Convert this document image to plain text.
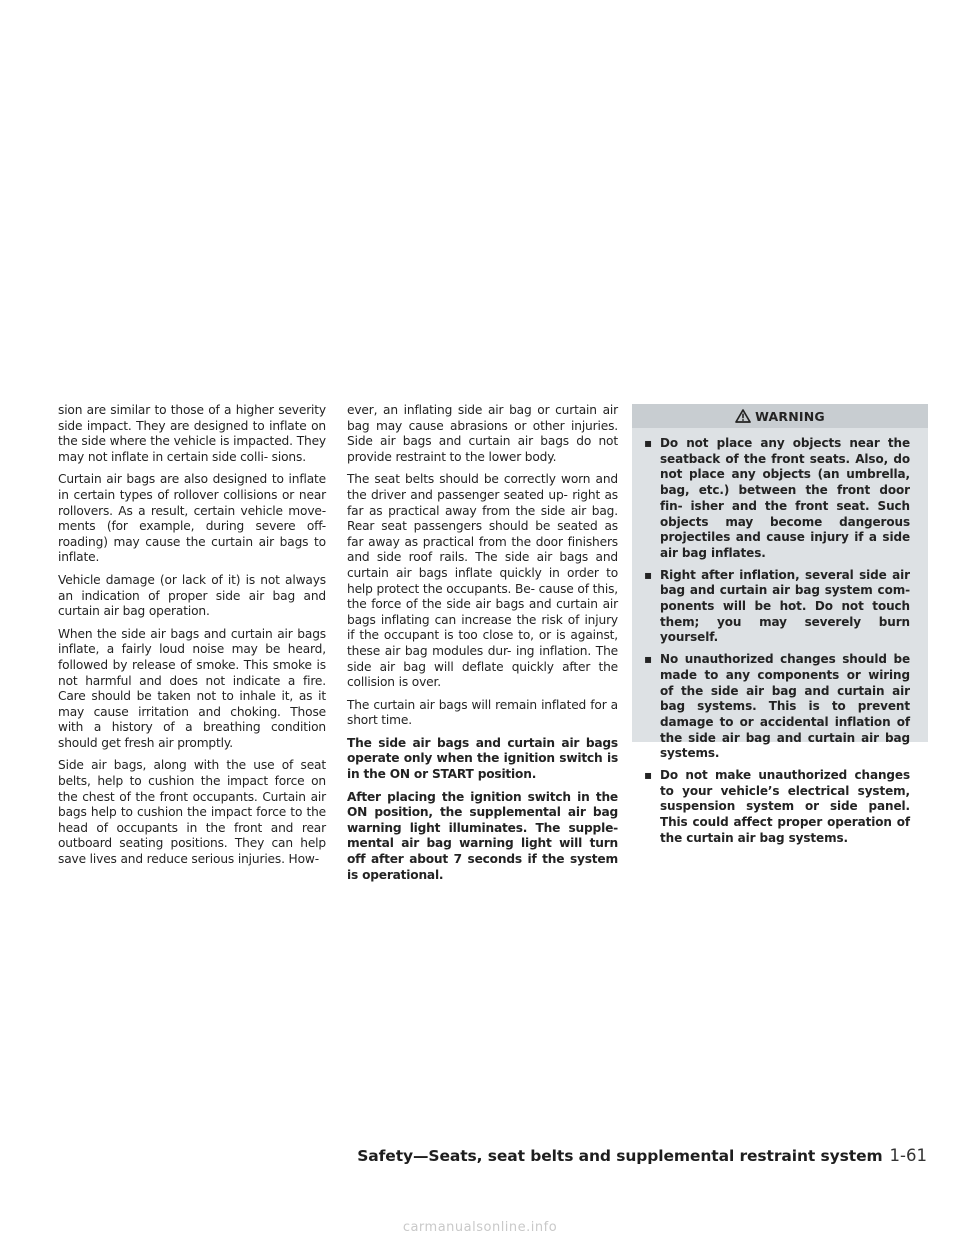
sion are similar to those of a higher severity side impact. They are designed to inflate on the side where the vehicle is impacted. They may not inflate in certain side colli- sions.

Curtain air bags are also designed to inflate in certain types of rollover collisions or near rollovers. As a result, certain vehicle move- ments (for example, during severe off- roading) may cause the curtain air bags to inflate.

Vehicle damage (or lack of it) is not always an indication of proper side air bag and curtain air bag operation.

When the side air bags and curtain air bags inflate, a fairly loud noise may be heard, followed by release of smoke. This smoke is not harmful and does not indicate a fire. Care should be taken not to inhale it, as it may cause irritation and choking. Those with a history of a breathing condition should get fresh air promptly.

Side air bags, along with the use of seat belts, help to cushion the impact force on the chest of the front occupants. Curtain air bags help to cushion the impact force to the head of occupants in the front and rear outboard seating positions. They can help save lives and reduce serious injuries. How-

ever, an inflating side air bag or curtain air bag may cause abrasions or other injuries. Side air bags and curtain air bags do not provide restraint to the lower body.

The seat belts should be correctly worn and the driver and passenger seated up- right as far as practical away from the side air bag. Rear seat passengers should be seated as far away as practical from the door finishers and side roof rails. The side air bags and curtain air bags inflate quickly in order to help protect the occupants. Be- cause of this, the force of the side air bags and curtain air bags inflating can increase the risk of injury if the occupant is too close to, or is against, these air bag modules dur- ing inflation. The side air bag will deflate quickly after the collision is over.

The curtain air bags will remain inflated for a short time.

The side air bags and curtain air bags operate only when the ignition switch is in the ON or START position.

After placing the ignition switch in the ON position, the supplemental air bag warning light illuminates. The supple- mental air bag warning light will turn off after about 7 seconds if the system is operational.

WARNING
▪ Do not place any objects near the seatback of the front seats. Also, do not place any objects (an umbrella, bag, etc.) between the front door fin- isher and the front seat. Such objects may become dangerous projectiles and cause injury if a side air bag inflates.
▪ Right after inflation, several side air bag and curtain air bag system com- ponents will be hot. Do not touch them; you may severely burn yourself.
▪ No unauthorized changes should be made to any components or wiring of the side air bag and curtain air bag systems. This is to prevent damage to or accidental inflation of the side air bag and curtain air bag systems.
▪ Do not make unauthorized changes to your vehicle’s electrical system, suspension system or side panel. This could affect proper operation of the curtain air bag systems.
Safety—Seats, seat belts and supplemental restraint system 1-61
carmanualsonline.info
